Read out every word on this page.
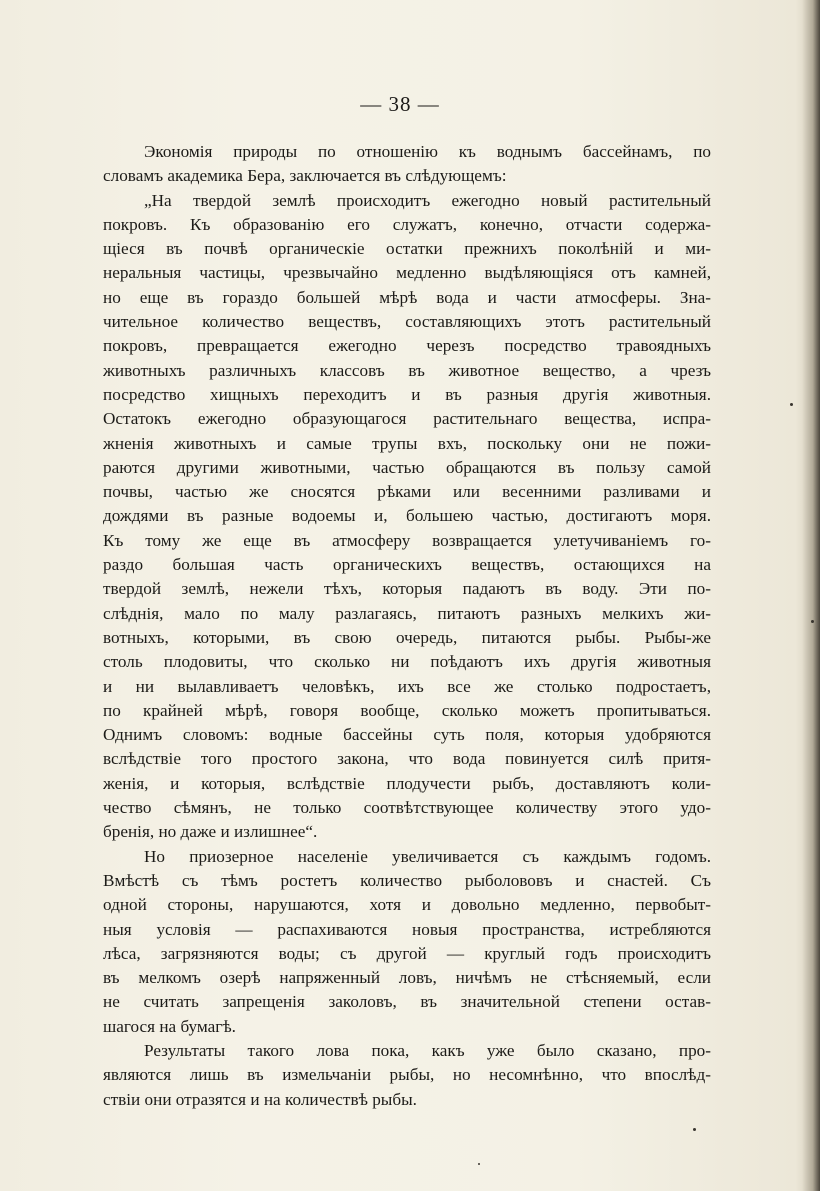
— 38 —
Экономія природы по отношенію къ воднымъ бассейнамъ, по
словамъ академика Бера, заключается въ слѣдующемъ:
„На твердой землѣ происходитъ ежегодно новый растительный
покровъ. Къ образованію его служатъ, конечно, отчасти содержа-
щіеся въ почвѣ органическіе остатки прежнихъ поколѣній и ми-
неральныя частицы, чрезвычайно медленно выдѣляющіяся отъ камней,
но еще въ гораздо большей мѣрѣ вода и части атмосферы. Зна-
чительное количество веществъ, составляющихъ этотъ растительный
покровъ, превращается ежегодно черезъ посредство травоядныхъ
животныхъ различныхъ классовъ въ животное вещество, а чрезъ
посредство хищныхъ переходитъ и въ разныя другія животныя.
Остатокъ ежегодно образующагося растительнаго вещества, испра-
жненія животныхъ и самые трупы вхъ, поскольку они не пожи-
раются другими животными, частью обращаются въ пользу самой
почвы, частью же сносятся рѣками или весенними разливами и
дождями въ разные водоемы и, большею частью, достигаютъ моря.
Къ тому же еще въ атмосферу возвращается улетучиваніемъ го-
раздо большая часть органическихъ веществъ, остающихся на
твердой землѣ, нежели тѣхъ, которыя падаютъ въ воду. Эти по-
слѣднія, мало по малу разлагаясь, питаютъ разныхъ мелкихъ жи-
вотныхъ, которыми, въ свою очередь, питаются рыбы. Рыбы-же
столь плодовиты, что сколько ни поѣдаютъ ихъ другія животныя
и ни вылавливаетъ человѣкъ, ихъ все же столько подростаетъ,
по крайней мѣрѣ, говоря вообще, сколько можетъ пропитываться.
Однимъ словомъ: водные бассейны суть поля, которыя удобряются
вслѣдствіе того простого закона, что вода повинуется силѣ притя-
женія, и которыя, вслѣдствіе плодучести рыбъ, доставляютъ коли-
чество сѣмянъ, не только соотвѣтствующее количеству этого удо-
бренія, но даже и излишнее“.
Но приозерное населеніе увеличивается съ каждымъ годомъ.
Вмѣстѣ съ тѣмъ ростетъ количество рыболововъ и снастей. Съ
одной стороны, нарушаются, хотя и довольно медленно, первобыт-
ныя условія — распахиваются новыя пространства, истребляются
лѣса, загрязняются воды; съ другой — круглый годъ происходитъ
въ мелкомъ озерѣ напряженный ловъ, ничѣмъ не стѣсняемый, если
не считать запрещенія заколовъ, въ значительной степени остав-
шагося на бумагѣ.
Результаты такого лова пока, какъ уже было сказано, про-
являются лишь въ измельчаніи рыбы, но несомнѣнно, что впослѣд-
ствіи они отразятся и на количествѣ рыбы.
